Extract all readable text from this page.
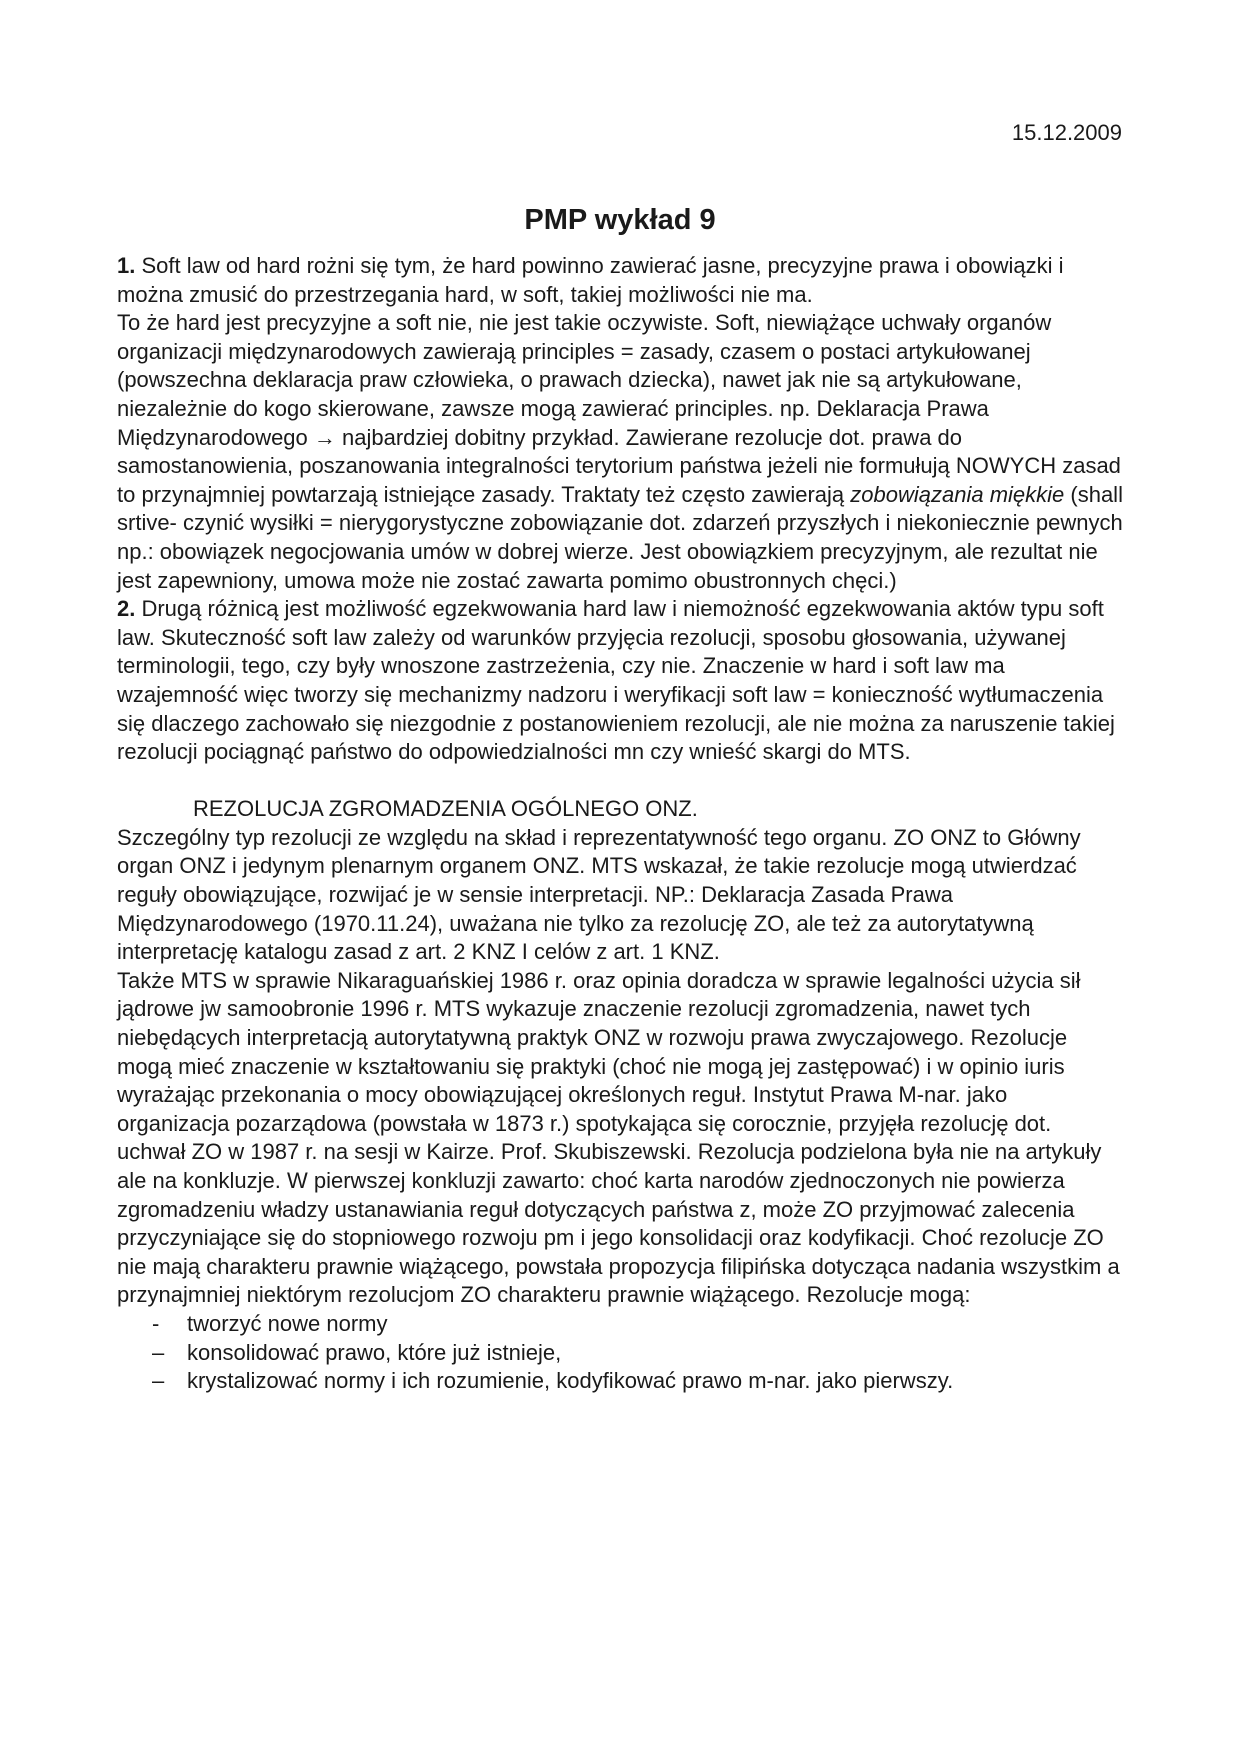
15.12.2009
PMP wykład 9

1. Soft law od hard rożni się tym, że hard powinno zawierać jasne, precyzyjne prawa i obowiązki i można zmusić do przestrzegania hard, w soft, takiej możliwości nie ma.

To że hard jest precyzyjne a soft nie, nie jest takie oczywiste. Soft, niewiążące uchwały organów organizacji międzynarodowych zawierają principles = zasady, czasem o postaci artykułowanej (powszechna deklaracja praw człowieka, o prawach dziecka), nawet jak nie są artykułowane, niezależnie do kogo skierowane, zawsze mogą zawierać principles. np. Deklaracja Prawa Międzynarodowego → najbardziej dobitny przykład. Zawierane rezolucje dot. prawa do samostanowienia, poszanowania integralności terytorium państwa jeżeli nie formułują NOWYCH zasad to przynajmniej powtarzają istniejące zasady. Traktaty też często zawierają zobowiązania miękkie (shall srtive- czynić wysiłki = nierygorystyczne zobowiązanie dot. zdarzeń przyszłych i niekoniecznie pewnych np.: obowiązek negocjowania umów w dobrej wierze. Jest obowiązkiem precyzyjnym, ale rezultat nie jest zapewniony, umowa może nie zostać zawarta pomimo obustronnych chęci.)

2. Drugą różnicą jest możliwość egzekwowania hard law i niemożność egzekwowania aktów typu soft law. Skuteczność soft law zależy od warunków przyjęcia rezolucji, sposobu głosowania, używanej terminologii, tego, czy były wnoszone zastrzeżenia, czy nie. Znaczenie w hard i soft law ma wzajemność więc tworzy się mechanizmy nadzoru i weryfikacji soft law = konieczność wytłumaczenia się dlaczego zachowało się niezgodnie z postanowieniem rezolucji, ale nie można za naruszenie takiej rezolucji pociągnąć państwo do odpowiedzialności mn czy wnieść skargi do MTS.

REZOLUCJA ZGROMADZENIA OGÓLNEGO ONZ.

Szczególny typ rezolucji ze względu na skład i reprezentatywność tego organu. ZO ONZ to Główny organ ONZ i jedynym plenarnym organem ONZ. MTS wskazał, że takie rezolucje mogą utwierdzać reguły obowiązujące, rozwijać je w sensie interpretacji. NP.: Deklaracja Zasada Prawa Międzynarodowego (1970.11.24), uważana nie tylko za rezolucję ZO, ale też za autorytatywną interpretację katalogu zasad z art. 2 KNZ I celów z art. 1 KNZ.

Także MTS w sprawie Nikaraguańskiej 1986 r. oraz opinia doradcza w sprawie legalności użycia sił jądrowe jw samoobronie 1996 r. MTS wykazuje znaczenie rezolucji zgromadzenia, nawet tych niebędących interpretacją autorytatywną praktyk ONZ w rozwoju prawa zwyczajowego. Rezolucje mogą mieć znaczenie w kształtowaniu się praktyki (choć nie mogą jej zastępować) i w opinio iuris wyrażając przekonania o mocy obowiązującej określonych reguł. Instytut Prawa M-nar. jako organizacja pozarządowa (powstała w 1873 r.) spotykająca się corocznie, przyjęła rezolucję dot. uchwał ZO w 1987 r. na sesji w Kairze. Prof. Skubiszewski. Rezolucja podzielona była nie na artykuły ale na konkluzje. W pierwszej konkluzji zawarto: choć karta narodów zjednoczonych nie powierza zgromadzeniu władzy ustanawiania reguł dotyczących państwa z, może ZO przyjmować zalecenia przyczyniające się do stopniowego rozwoju pm i jego konsolidacji oraz kodyfikacji. Choć rezolucje ZO nie mają charakteru prawnie wiążącego, powstała propozycja filipińska dotycząca nadania wszystkim a przynajmniej niektórym rezolucjom ZO charakteru prawnie wiążącego. Rezolucje mogą:

- tworzyć nowe normy

– konsolidować prawo, które już istnieje,

– krystalizować normy i ich rozumienie, kodyfikować prawo m-nar. jako pierwszy.
